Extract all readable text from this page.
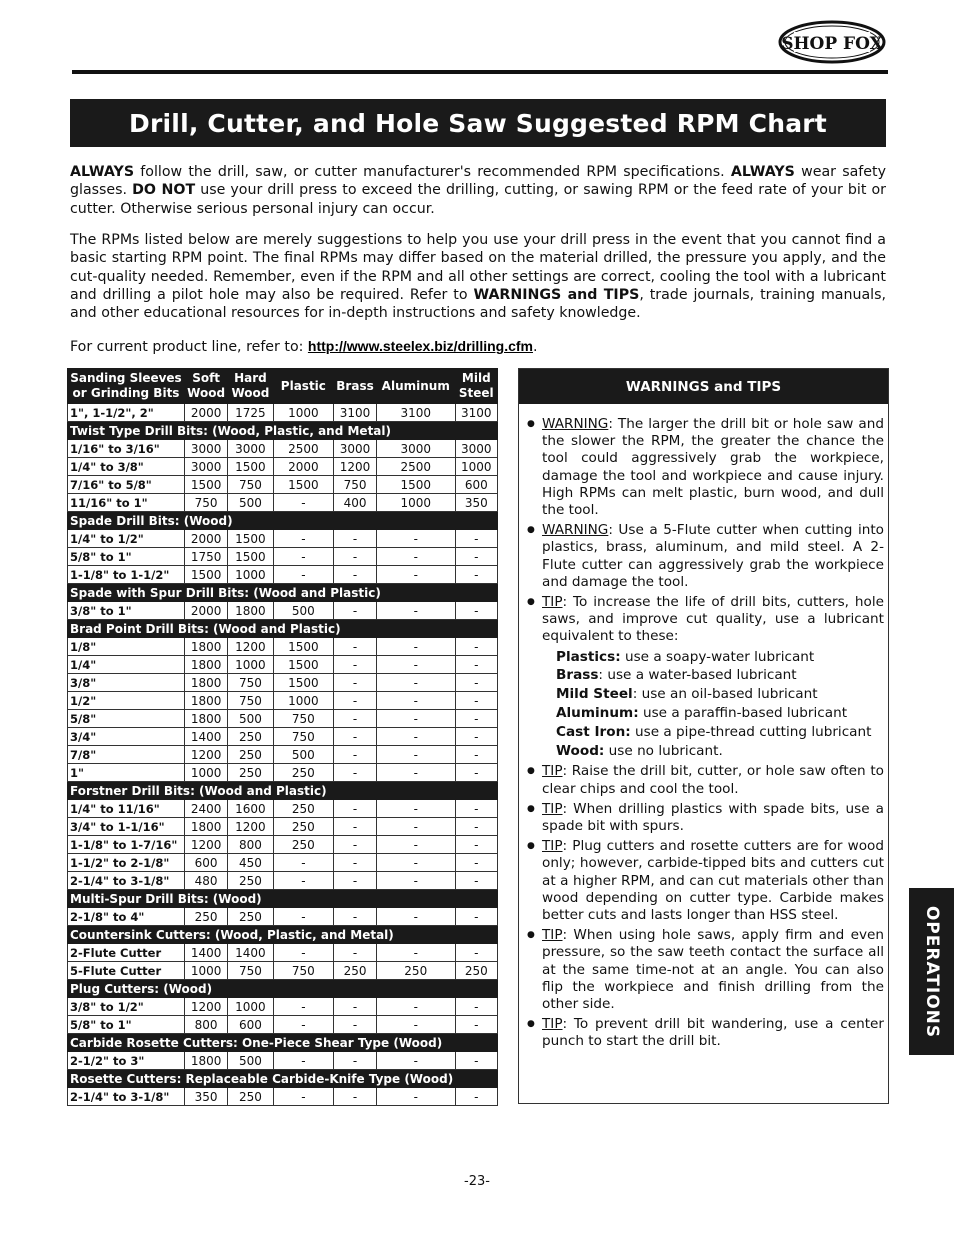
SHOP FOX
Drill, Cutter, and Hole Saw Suggested RPM Chart

ALWAYS follow the drill, saw, or cutter manufacturer's recommended RPM specifications. ALWAYS wear safety glasses. DO NOT use your drill press to exceed the drilling, cutting, or sawing RPM or the feed rate of your bit or cutter. Otherwise serious personal injury can occur.

The RPMs listed below are merely suggestions to help you use your drill press in the event that you cannot find a basic starting RPM point. The final RPMs may differ based on the material drilled, the pressure you apply, and the cut-quality needed. Remember, even if the RPM and all other settings are correct, cooling the tool with a lubricant and drilling a pilot hole may also be required. Refer to WARNINGS and TIPS, trade journals, training manuals, and other educational resources for in-depth instructions and safety knowledge.

For current product line, refer to: http://www.steelex.biz/drilling.cfm.

Sanding Sleeves or Grinding Bits	Soft Wood	Hard Wood	Plastic	Brass	Aluminum	Mild Steel
1", 1-1/2", 2"	2000	1725	1000	3100	3100	3100
Twist Type Drill Bits: (Wood, Plastic, and Metal)						
1/16" to 3/16"	3000	3000	2500	3000	3000	3000
1/4" to 3/8"	3000	1500	2000	1200	2500	1000
7/16" to 5/8"	1500	750	1500	750	1500	600
11/16" to 1"	750	500	-	400	1000	350
Spade Drill Bits: (Wood)						
1/4" to 1/2"	2000	1500	-	-	-	-
5/8" to 1"	1750	1500	-	-	-	-
1-1/8" to 1-1/2"	1500	1000	-	-	-	-
Spade with Spur Drill Bits: (Wood and Plastic)						
3/8" to 1"	2000	1800	500	-	-	-
Brad Point Drill Bits: (Wood and Plastic)						
1/8"	1800	1200	1500	-	-	-
1/4"	1800	1000	1500	-	-	-
3/8"	1800	750	1500	-	-	-
1/2"	1800	750	1000	-	-	-
5/8"	1800	500	750	-	-	-
3/4"	1400	250	750	-	-	-
7/8"	1200	250	500	-	-	-
1"	1000	250	250	-	-	-
Forstner Drill Bits: (Wood and Plastic)						
1/4" to 11/16"	2400	1600	250	-	-	-
3/4" to 1-1/16"	1800	1200	250	-	-	-
1-1/8" to 1-7/16"	1200	800	250	-	-	-
1-1/2" to 2-1/8"	600	450	-	-	-	-
2-1/4" to 3-1/8"	480	250	-	-	-	-
Multi-Spur Drill Bits: (Wood)						
2-1/8" to 4"	250	250	-	-	-	-
Countersink Cutters: (Wood, Plastic, and Metal)						
2-Flute Cutter	1400	1400	-	-	-	-
5-Flute Cutter	1000	750	750	250	250	250
Plug Cutters: (Wood)						
3/8" to 1/2"	1200	1000	-	-	-	-
5/8" to 1"	800	600	-	-	-	-
Carbide Rosette Cutters: One-Piece Shear Type (Wood)						
2-1/2" to 3"	1800	500	-	-	-	-
Rosette Cutters: Replaceable Carbide-Knife Type (Wood)						
2-1/4" to 3-1/8"	350	250	-	-	-	-
WARNINGS and TIPS
● WARNING: The larger the drill bit or hole saw and the slower the RPM, the greater the chance the tool could aggressively grab the workpiece, damage the tool and workpiece and cause injury. High RPMs can melt plastic, burn wood, and dull the tool.
● WARNING: Use a 5-Flute cutter when cutting into plastics, brass, aluminum, and mild steel. A 2-Flute cutter can aggressively grab the workpiece and damage the tool.
● TIP: To increase the life of drill bits, cutters, hole saws, and improve cut quality, use a lubricant equivalent to these:
Plastics: use a soapy-water lubricant
Brass: use a water-based lubricant
Mild Steel: use an oil-based lubricant
Aluminum: use a paraffin-based lubricant
Cast Iron: use a pipe-thread cutting lubricant
Wood: use no lubricant.
● TIP: Raise the drill bit, cutter, or hole saw often to clear chips and cool the tool.
● TIP: When drilling plastics with spade bits, use a spade bit with spurs.
● TIP: Plug cutters and rosette cutters are for wood only; however, carbide-tipped bits and cutters cut at a higher RPM, and can cut materials other than wood depending on cutter type. Carbide makes better cuts and lasts longer than HSS steel.
● TIP: When using hole saws, apply firm and even pressure, so the saw teeth contact the surface all at the same time-not at an angle. You can also flip the workpiece and finish drilling from the other side.
● TIP: To prevent drill bit wandering, use a center punch to start the drill bit.
OPERATIONS
-23-
